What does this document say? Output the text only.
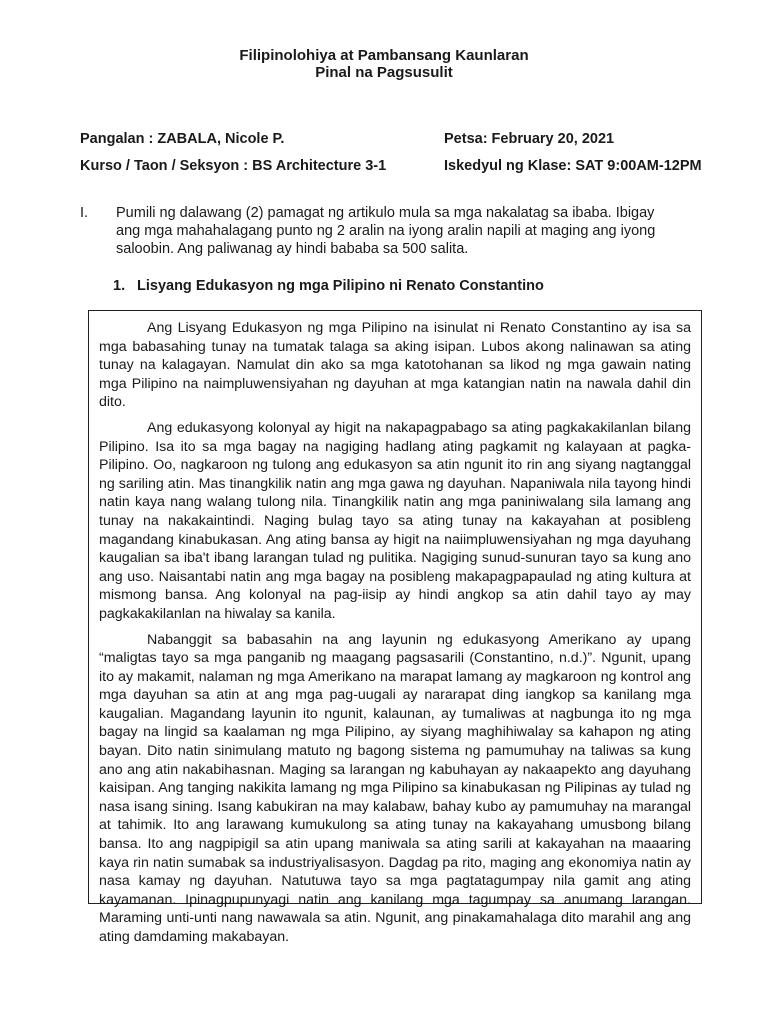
Filipinolohiya at Pambansang Kaunlaran
Pinal na Pagsusulit
Pangalan : ZABALA, Nicole P.	Petsa: February 20, 2021
Kurso / Taon / Seksyon : BS Architecture 3-1	Iskedyul ng Klase: SAT 9:00AM-12PM
I. Pumili ng dalawang (2) pamagat ng artikulo mula sa mga nakalatag sa ibaba. Ibigay ang mga mahahalagang punto ng 2 aralin na iyong aralin napili at maging ang iyong saloobin. Ang paliwanag ay hindi bababa sa 500 salita.
1. Lisyang Edukasyon ng mga Pilipino ni Renato Constantino

Ang Lisyang Edukasyon ng mga Pilipino na isinulat ni Renato Constantino ay isa sa mga babasahing tunay na tumatak talaga sa aking isipan. Lubos akong nalinawan sa ating tunay na kalagayan. Namulat din ako sa mga katotohanan sa likod ng mga gawain nating mga Pilipino na naimpluwensiyahan ng dayuhan at mga katangian natin na nawala dahil din dito.

Ang edukasyong kolonyal ay higit na nakapagpabago sa ating pagkakakilanlan bilang Pilipino. Isa ito sa mga bagay na nagiging hadlang ating pagkamit ng kalayaan at pagka-Pilipino. Oo, nagkaroon ng tulong ang edukasyon sa atin ngunit ito rin ang siyang nagtanggal ng sariling atin. Mas tinangkilik natin ang mga gawa ng dayuhan. Napaniwala nila tayong hindi natin kaya nang walang tulong nila. Tinangkilik natin ang mga paniniwalang sila lamang ang tunay na nakakaintindi. Naging bulag tayo sa ating tunay na kakayahan at posibleng magandang kinabukasan. Ang ating bansa ay higit na naiimpluwensiyahan ng mga dayuhang kaugalian sa iba't ibang larangan tulad ng pulitika. Nagiging sunud-sunuran tayo sa kung ano ang uso. Naisantabi natin ang mga bagay na posibleng makapagpapaulad ng ating kultura at mismong bansa. Ang kolonyal na pag-iisip ay hindi angkop sa atin dahil tayo ay may pagkakakilanlan na hiwalay sa kanila.

Nabanggit sa babasahin na ang layunin ng edukasyong Amerikano ay upang “maligtas tayo sa mga panganib ng maagang pagsasarili (Constantino, n.d.)”. Ngunit, upang ito ay makamit, nalaman ng mga Amerikano na marapat lamang ay magkaroon ng kontrol ang mga dayuhan sa atin at ang mga pag-uugali ay nararapat ding iangkop sa kanilang mga kaugalian. Magandang layunin ito ngunit, kalaunan, ay tumaliwas at nagbunga ito ng mga bagay na lingid sa kaalaman ng mga Pilipino, ay siyang maghihiwalay sa kahapon ng ating bayan. Dito natin sinimulang matuto ng bagong sistema ng pamumuhay na taliwas sa kung ano ang atin nakabihasnan. Maging sa larangan ng kabuhayan ay nakaapekto ang dayuhang kaisipan. Ang tanging nakikita lamang ng mga Pilipino sa kinabukasan ng Pilipinas ay tulad ng nasa isang sining. Isang kabukiran na may kalabaw, bahay kubo ay pamumuhay na marangal at tahimik. Ito ang larawang kumukulong sa ating tunay na kakayahang umusbong bilang bansa. Ito ang nagpipigil sa atin upang maniwala sa ating sarili at kakayahan na maaaring kaya rin natin sumabak sa industriyalisasyon. Dagdag pa rito, maging ang ekonomiya natin ay nasa kamay ng dayuhan. Natutuwa tayo sa mga pagtatagumpay nila gamit ang ating kayamanan. Ipinagpupunyagi natin ang kanilang mga tagumpay sa anumang larangan. Maraming unti-unti nang nawawala sa atin. Ngunit, ang pinakamahalaga dito marahil ang ang ating damdaming makabayan.
